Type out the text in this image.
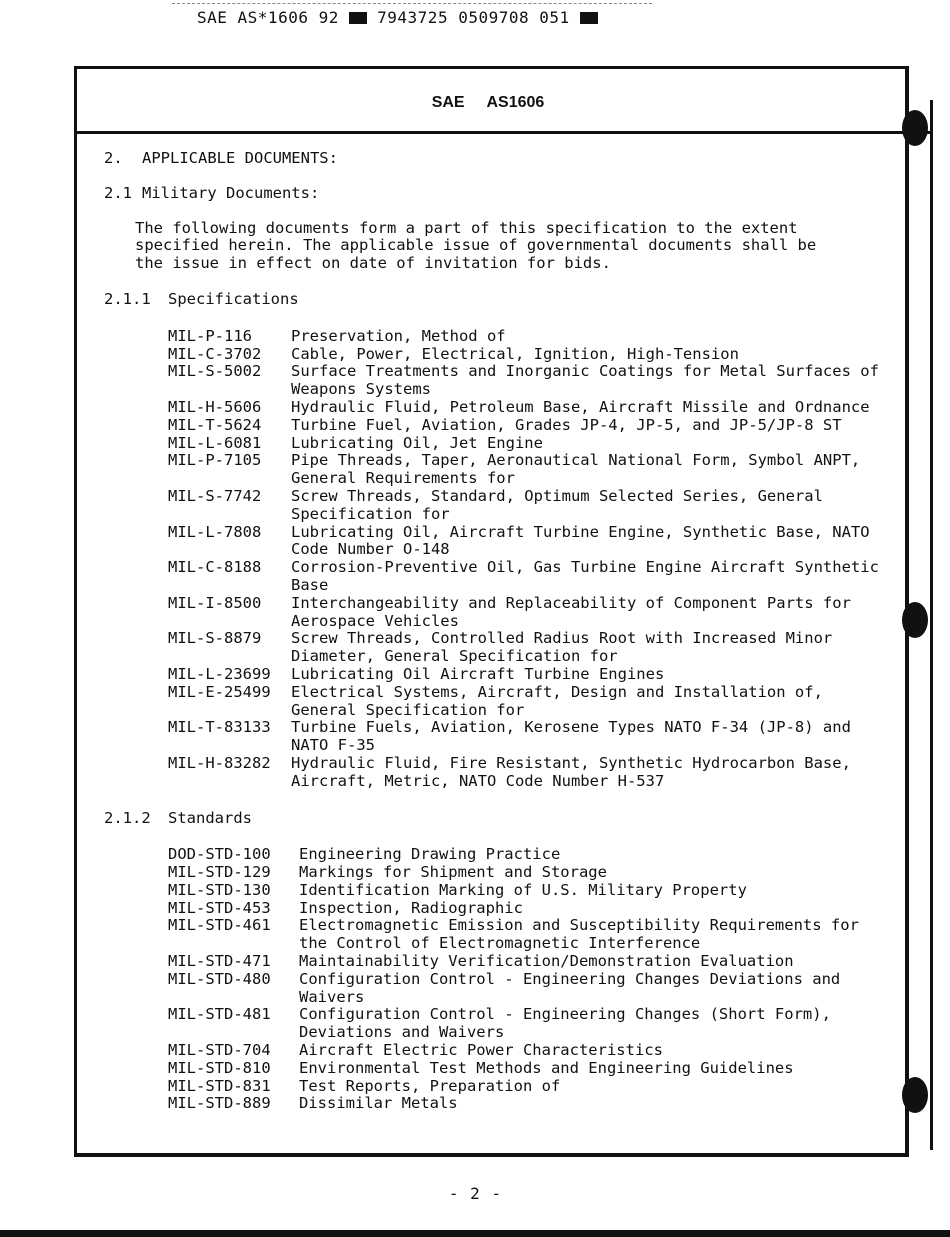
SAE AS*1606 92 7943725 0509708 051
SAE AS1606

2. APPLICABLE DOCUMENTS:

2.1 Military Documents:

The following documents form a part of this specification to the extent
specified herein. The applicable issue of governmental documents shall be
the issue in effect on date of invitation for bids.

2.1.1 Specifications

MIL-P-116	Preservation, Method of
MIL-C-3702	Cable, Power, Electrical, Ignition, High-Tension
MIL-S-5002	Surface Treatments and Inorganic Coatings for Metal Surfaces of Weapons Systems
MIL-H-5606	Hydraulic Fluid, Petroleum Base, Aircraft Missile and Ordnance
MIL-T-5624	Turbine Fuel, Aviation, Grades JP-4, JP-5, and JP-5/JP-8 ST
MIL-L-6081	Lubricating Oil, Jet Engine
MIL-P-7105	Pipe Threads, Taper, Aeronautical National Form, Symbol ANPT, General Requirements for
MIL-S-7742	Screw Threads, Standard, Optimum Selected Series, General Specification for
MIL-L-7808	Lubricating Oil, Aircraft Turbine Engine, Synthetic Base, NATO Code Number O-148
MIL-C-8188	Corrosion-Preventive Oil, Gas Turbine Engine Aircraft Synthetic Base
MIL-I-8500	Interchangeability and Replaceability of Component Parts for Aerospace Vehicles
MIL-S-8879	Screw Threads, Controlled Radius Root with Increased Minor Diameter, General Specification for
MIL-L-23699	Lubricating Oil Aircraft Turbine Engines
MIL-E-25499	Electrical Systems, Aircraft, Design and Installation of, General Specification for
MIL-T-83133	Turbine Fuels, Aviation, Kerosene Types NATO F-34 (JP-8) and NATO F-35
MIL-H-83282	Hydraulic Fluid, Fire Resistant, Synthetic Hydrocarbon Base, Aircraft, Metric, NATO Code Number H-537

2.1.2 Standards

DOD-STD-100	Engineering Drawing Practice
MIL-STD-129	Markings for Shipment and Storage
MIL-STD-130	Identification Marking of U.S. Military Property
MIL-STD-453	Inspection, Radiographic
MIL-STD-461	Electromagnetic Emission and Susceptibility Requirements for the Control of Electromagnetic Interference
MIL-STD-471	Maintainability Verification/Demonstration Evaluation
MIL-STD-480	Configuration Control - Engineering Changes Deviations and Waivers
MIL-STD-481	Configuration Control - Engineering Changes (Short Form), Deviations and Waivers
MIL-STD-704	Aircraft Electric Power Characteristics
MIL-STD-810	Environmental Test Methods and Engineering Guidelines
MIL-STD-831	Test Reports, Preparation of
MIL-STD-889	Dissimilar Metals
- 2 -
